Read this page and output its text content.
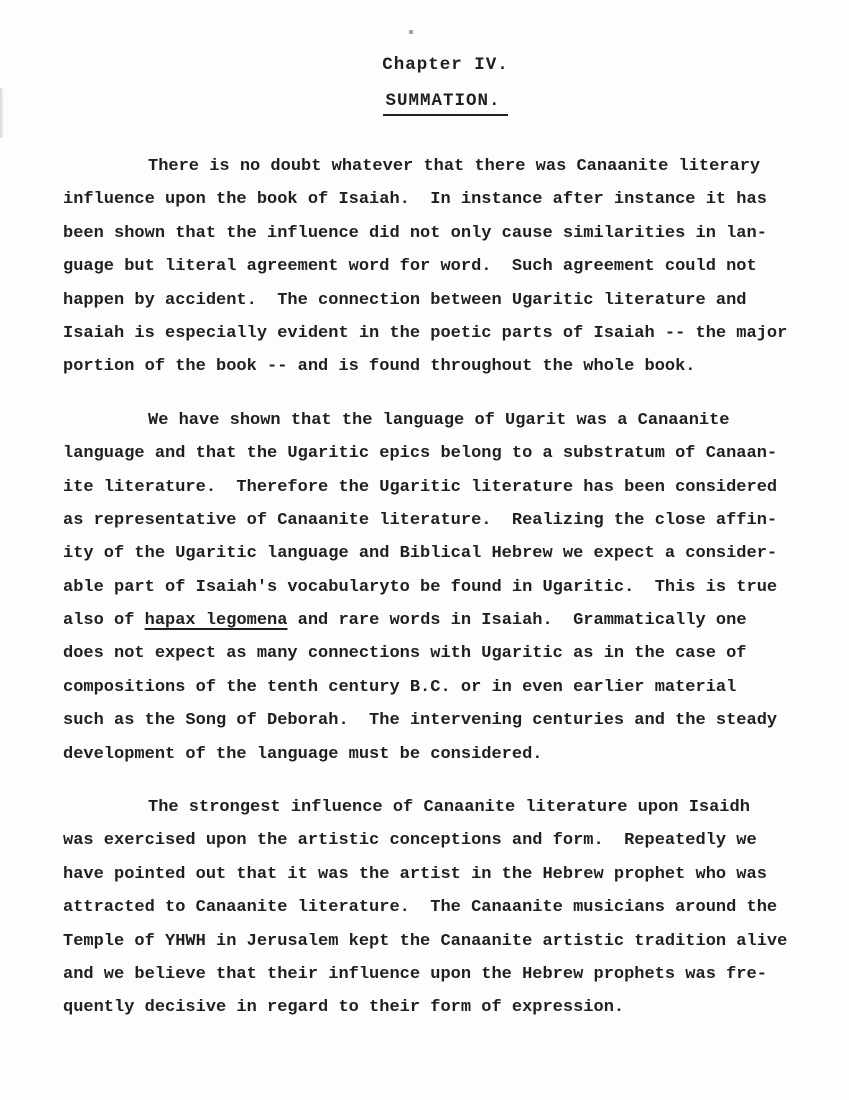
Chapter IV.
SUMMATION.
There is no doubt whatever that there was Canaanite literary
influence upon the book of Isaiah.  In instance after instance it has
been shown that the influence did not only cause similarities in lan-
guage but literal agreement word for word.  Such agreement could not
happen by accident.  The connection between Ugaritic literature and
Isaiah is especially evident in the poetic parts of Isaiah -- the major
portion of the book -- and is found throughout the whole book.
We have shown that the language of Ugarit was a Canaanite
language and that the Ugaritic epics belong to a substratum of Canaan-
ite literature.  Therefore the Ugaritic literature has been considered
as representative of Canaanite literature.  Realizing the close affin-
ity of the Ugaritic language and Biblical Hebrew we expect a consider-
able part of Isaiah's vocabularyto be found in Ugaritic.  This is true
also of hapax legomena and rare words in Isaiah.  Grammatically one
does not expect as many connections with Ugaritic as in the case of
compositions of the tenth century B.C. or in even earlier material
such as the Song of Deborah.  The intervening centuries and the steady
development of the language must be considered.
The strongest influence of Canaanite literature upon Isaidh
was exercised upon the artistic conceptions and form.  Repeatedly we
have pointed out that it was the artist in the Hebrew prophet who was
attracted to Canaanite literature.  The Canaanite musicians around the
Temple of YHWH in Jerusalem kept the Canaanite artistic tradition alive
and we believe that their influence upon the Hebrew prophets was fre-
quently decisive in regard to their form of expression.
